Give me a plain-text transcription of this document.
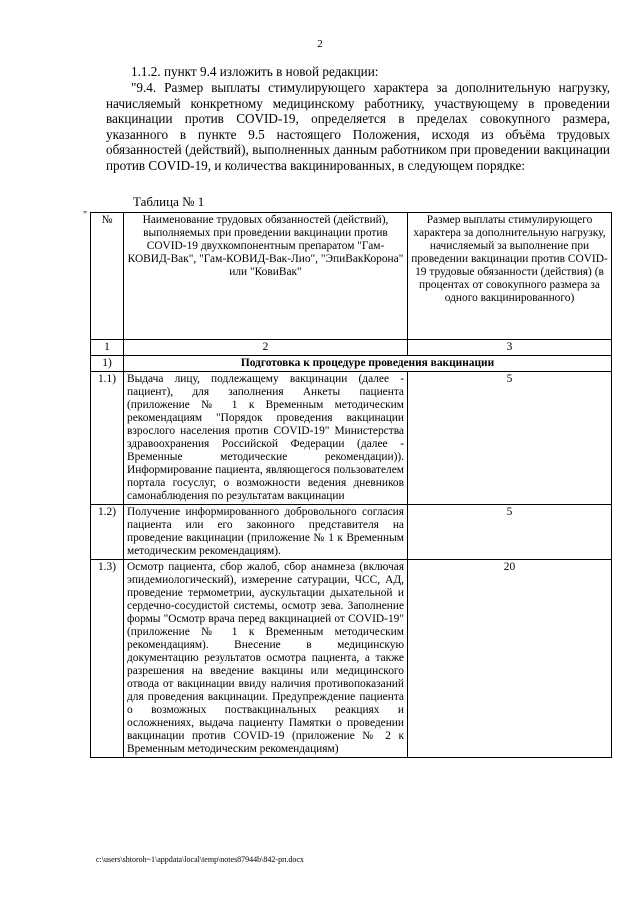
2
1.1.2. пункт 9.4 изложить в новой редакции:
"9.4. Размер выплаты стимулирующего характера за дополнительную нагрузку, начисляемый конкретному медицинскому работнику, участвующему в проведении вакцинации против COVID-19, определяется в пределах совокупного размера, указанного в пункте 9.5 настоящего Положения, исходя из объёма трудовых обязанностей (действий), выполненных данным работником при проведении вакцинации против COVID-19, и количества вакцинированных, в следующем порядке:
Таблица № 1
" №	Наименование трудовых обязанностей (действий), выполняемых при проведении вакцинации против COVID-19 двухкомпонентным препаратом "Гам-КОВИД-Вак", "Гам-КОВИД-Вак-Лио", "ЭпиВакКорона" или "КовиВак"	Размер выплаты стимулирующего характера за дополнительную нагрузку, начисляемый за выполнение при проведении вакцинации против COVID-19 трудовые обязанности (действия) (в процентах от совокупного размера за одного вакцинированного)
1	2	3
1)	Подготовка к процедуре проведения вакцинации	
1.1)	Выдача лицу, подлежащему вакцинации (далее - пациент), для заполнения Анкеты пациента (приложение № 1 к Временным методическим рекомендациям "Порядок проведения вакцинации взрослого населения против COVID-19" Министерства здравоохранения Российской Федерации (далее - Временные методические рекомендации)). Информирование пациента, являющегося пользователем портала госуслуг, о возможности ведения дневников самонаблюдения по результатам вакцинации	5
1.2)	Получение информированного добровольного согласия пациента или его законного представителя на проведение вакцинации (приложение № 1 к Временным методическим рекомендациям).	5
1.3)	Осмотр пациента, сбор жалоб, сбор анамнеза (включая эпидемиологический), измерение сатурации, ЧСС, АД, проведение термометрии, аускультации дыхательной и сердечно-сосудистой системы, осмотр зева. Заполнение формы "Осмотр врача перед вакцинацией от COVID-19" (приложение № 1 к Временным методическим рекомендациям). Внесение в медицинскую документацию результатов осмотра пациента, а также разрешения на введение вакцины или медицинского отвода от вакцинации ввиду наличия противопоказаний для проведения вакцинации. Предупреждение пациента о возможных поствакцинальных реакциях и осложнениях, выдача пациенту Памятки о проведении вакцинации против COVID-19 (приложение № 2 к Временным методическим рекомендациям)	20
c:\users\shtoroh~1\appdata\local\temp\notes87944b\842-рп.docx
